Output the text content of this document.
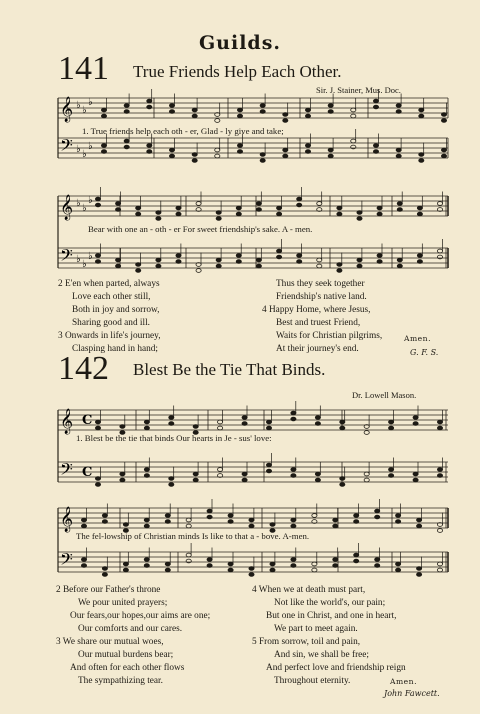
Guilds.
141 True Friends Help Each Other.
Sir. J. Stainer, Mus. Doc.
𝄞 ♭ ♭
♭
𝄢 ♭ ♭
♭
𝄞 ♭ ♭
♭
𝄢 ♭ ♭
♭
𝄞 C
𝄢 C
𝄞
𝄢
1. True friends help each oth - er, Glad - ly give and take;
Bear with one an - oth - er For sweet friendship's sake. A - men.
2 E'en when parted, always
Love each other still,
Both in joy and sorrow,
Sharing good and ill.
3 Onwards in life's journey,
Clasping hand in hand;
Thus they seek together
Friendship's native land.
4 Happy Home, where Jesus,
Best and truest Friend,
Waits for Christian pilgrims,
At their journey's end.
Amen.
G. F. S.
142 Blest Be the Tie That Binds.
Dr. Lowell Mason.
1. Blest be the tie that binds Our hearts in Je - sus' love:
The fel-lowship of Christian minds Is like to that a - bove. A-men.
2 Before our Father's throne
We pour united prayers;
Our fears,our hopes,our aims are one;
Our comforts and our cares.
3 We share our mutual woes,
Our mutual burdens bear;
And often for each other flows
The sympathizing tear.
4 When we at death must part,
Not like the world's, our pain;
But one in Christ, and one in heart,
We part to meet again.
5 From sorrow, toil and pain,
And sin, we shall be free;
And perfect love and friendship reign
Throughout eternity.	Amen.
John Fawcett.
